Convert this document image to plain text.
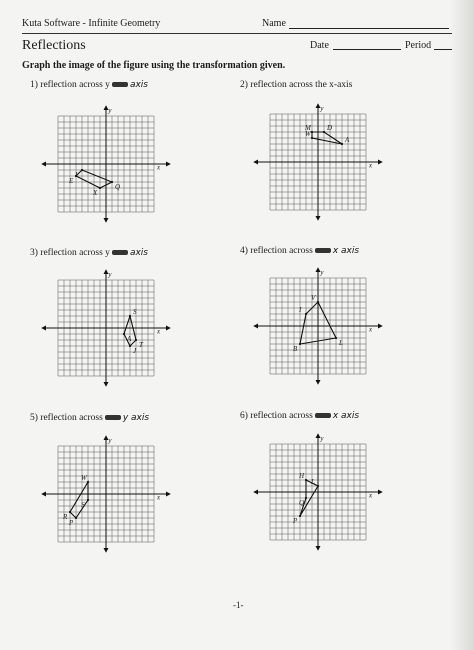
Kuta Software - Infinite Geometry	Name
Reflections	Date	Period
Graph the image of the figure using the transformation given.
1) reflection across y axis	2) reflection across the x-axis
3) reflection across y axis	4) reflection across x axis
5) reflection across y axis	6) reflection across x axis
x
y
E
X
Q
x
y
M D
A
W
x
y
S
T
J
A
x
y
V
L
B
I
x
y
W
S
P
R
x
y
H
L
P
Q
-1-
